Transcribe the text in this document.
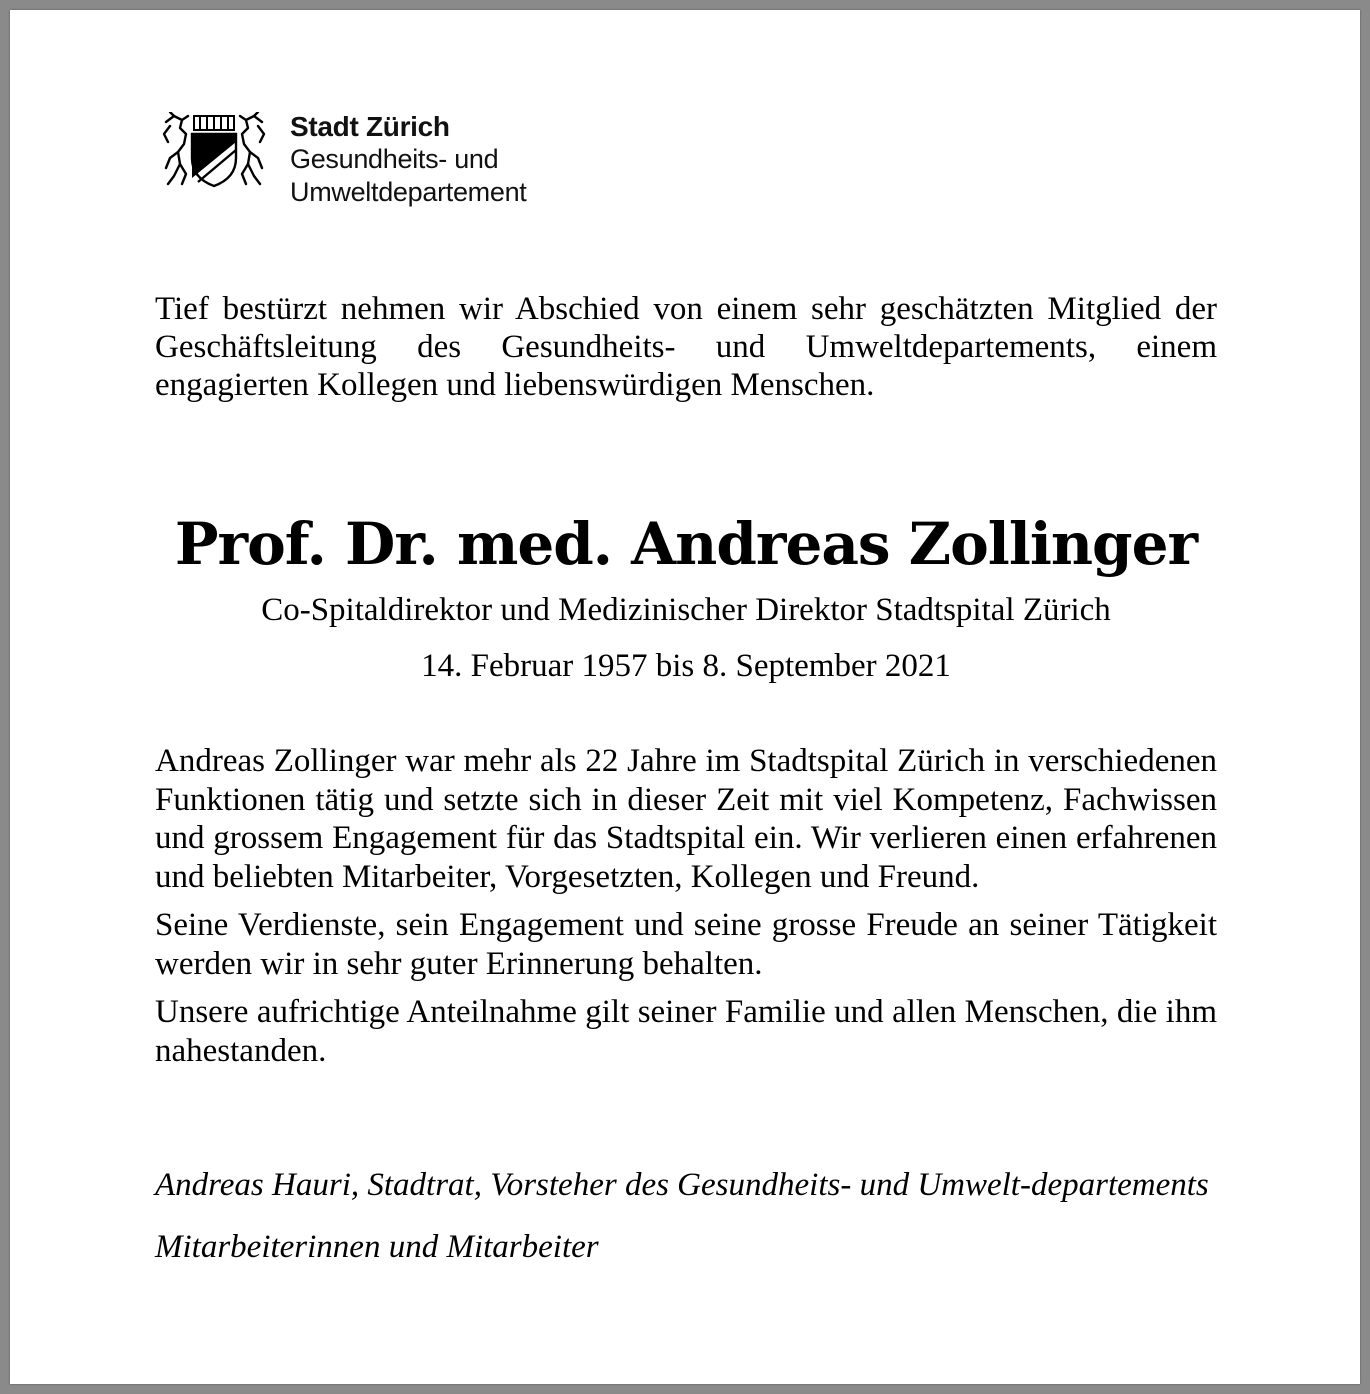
Stadt Zürich
Gesundheits- und
Umweltdepartement

Tief bestürzt nehmen wir Abschied von einem sehr geschätzten Mitglied der Geschäftsleitung des Gesundheits- und Umweltdepartements, einem engagierten Kollegen und liebenswürdigen Menschen.

Prof. Dr. med. Andreas Zollinger
Co-Spitaldirektor und Medizinischer Direktor Stadtspital Zürich
14. Februar 1957 bis 8. September 2021

Andreas Zollinger war mehr als 22 Jahre im Stadtspital Zürich in verschiedenen Funktionen tätig und setzte sich in dieser Zeit mit viel Kompetenz, Fachwissen und grossem Engagement für das Stadtspital ein. Wir verlieren einen erfahrenen und beliebten Mitarbeiter, Vorgesetzten, Kollegen und Freund.

Seine Verdienste, sein Engagement und seine grosse Freude an seiner Tätigkeit werden wir in sehr guter Erinnerung behalten.

Unsere aufrichtige Anteilnahme gilt seiner Familie und allen Menschen, die ihm nahestanden.

Andreas Hauri, Stadtrat, Vorsteher des Gesundheits- und Umwelt-departements

Mitarbeiterinnen und Mitarbeiter
